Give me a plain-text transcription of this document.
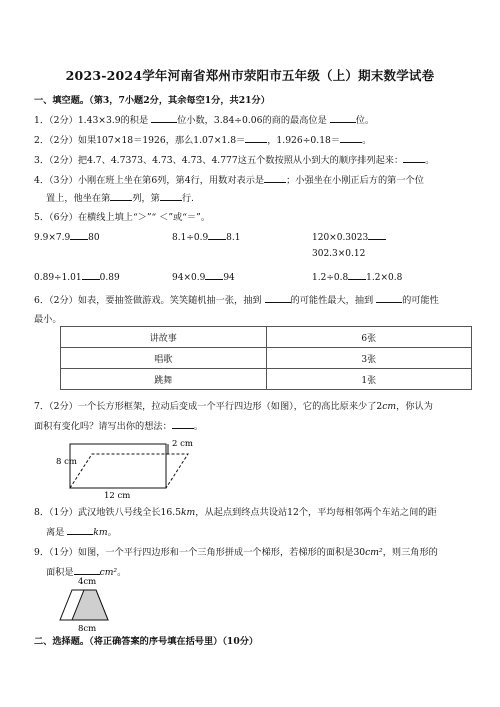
2023-2024学年河南省郑州市荥阳市五年级（上）期末数学试卷
一、填空题。（第3，7小题2分，其余每空1分，共21分）
1．（2分）1.43×3.9的积是	位小数，3.84÷0.06的商的最高位是	位。
2．（2分）如果107×18＝1926，那么1.07×1.8＝ ，1.926÷0.18＝ 。
3．（2分）把4.7、4.7373、4.73̇、4.7̇3̇、4.777这五个数按照从小到大的顺序排列起来： 。
4．（3分）小刚在班上坐在第6列，第4行，用数对表示是 ；小强坐在小刚正后方的第一个位
置上，他坐在第 列，第 行.
5．（6分）在横线上填上“＞”“ ＜”或“＝”。
9.9×7.9 80	8.1÷0.9 8.1	120×0.3023
302.3×0.12
0.89÷1.01 0.89	94×0.9 94	1.2÷0.8 1.2×0.8
6．（2分）如表，要抽签做游戏。笑笑随机抽一张，抽到	的可能性最大，抽到	的可能性
最小。
讲故事	6张
唱歌	3张
跳舞	1张
7．（2分）一个长方形框架，拉动后变成一个平行四边形（如图），它的高比原来少了2cm，你认为
面积有变化吗？请写出你的想法： 。
8 cm
12 cm
2 cm
8．（1分）武汉地铁八号线全长16.5km，从起点到终点共设站12个，平均每相邻两个车站之间的距
离是	km。
9．（1分）如图，一个平行四边形和一个三角形拼成一个梯形，若梯形的面积是30cm²，则三角形的
面积是	cm²。
4cm
8cm
二、选择题。（将正确答案的序号填在括号里）（10分）
